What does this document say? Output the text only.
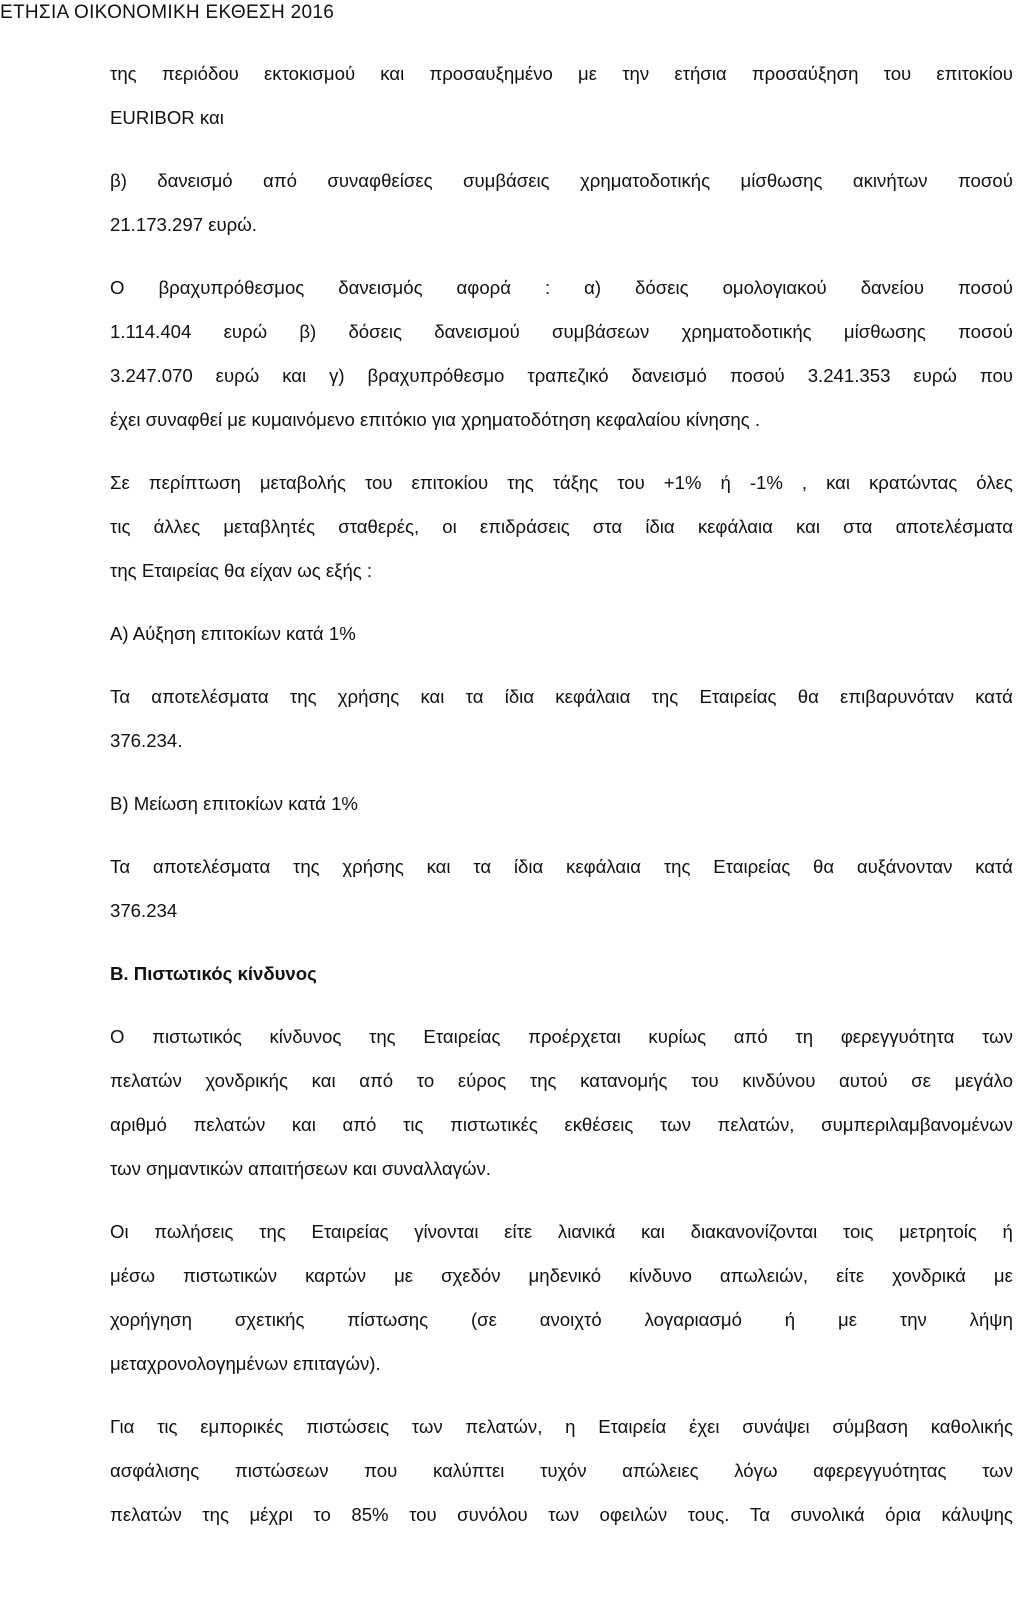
ΕΤΗΣΙΑ ΟΙΚΟΝΟΜΙΚΗ ΕΚΘΕΣΗ 2016
της περιόδου εκτοκισμού και προσαυξημένο με την ετήσια προσαύξηση του επιτοκίου
EURIBOR και
β) δανεισμό από συναφθείσες συμβάσεις χρηματοδοτικής μίσθωσης ακινήτων ποσού
21.173.297 ευρώ.
Ο βραχυπρόθεσμος δανεισμός αφορά : α) δόσεις ομολογιακού δανείου ποσού
1.114.404 ευρώ β) δόσεις δανεισμού συμβάσεων χρηματοδοτικής μίσθωσης ποσού
3.247.070 ευρώ και γ) βραχυπρόθεσμο τραπεζικό δανεισμό ποσού 3.241.353 ευρώ που
έχει συναφθεί με κυμαινόμενο επιτόκιο για χρηματοδότηση κεφαλαίου κίνησης .
Σε περίπτωση μεταβολής του επιτοκίου της τάξης του +1% ή -1% , και κρατώντας όλες
τις άλλες μεταβλητές σταθερές, οι επιδράσεις στα ίδια κεφάλαια και στα αποτελέσματα
της Εταιρείας θα είχαν ως εξής :
Α) Αύξηση επιτοκίων κατά 1%
Τα αποτελέσματα της χρήσης και τα ίδια κεφάλαια της Εταιρείας θα επιβαρυνόταν κατά
376.234.
Β) Μείωση επιτοκίων κατά 1%
Τα αποτελέσματα της χρήσης και τα ίδια κεφάλαια της Εταιρείας θα αυξάνονταν κατά
376.234
Β. Πιστωτικός κίνδυνος
Ο πιστωτικός κίνδυνος της Εταιρείας προέρχεται κυρίως από τη φερεγγυότητα των
πελατών χονδρικής και από το εύρος της κατανομής του κινδύνου αυτού σε μεγάλο
αριθμό πελατών και από τις πιστωτικές εκθέσεις των πελατών, συμπεριλαμβανομένων
των σημαντικών απαιτήσεων και συναλλαγών.
Οι πωλήσεις της Εταιρείας γίνονται είτε λιανικά και διακανονίζονται τοις μετρητοίς ή
μέσω πιστωτικών καρτών με σχεδόν μηδενικό κίνδυνο απωλειών, είτε χονδρικά με
χορήγηση σχετικής πίστωσης (σε ανοιχτό λογαριασμό ή με την λήψη
μεταχρονολογημένων επιταγών).
Για τις εμπορικές πιστώσεις των πελατών, η Εταιρεία έχει συνάψει σύμβαση καθολικής
ασφάλισης πιστώσεων που καλύπτει τυχόν απώλειες λόγω αφερεγγυότητας των
πελατών της μέχρι το 85% του συνόλου των οφειλών τους. Τα συνολικά όρια κάλυψης
